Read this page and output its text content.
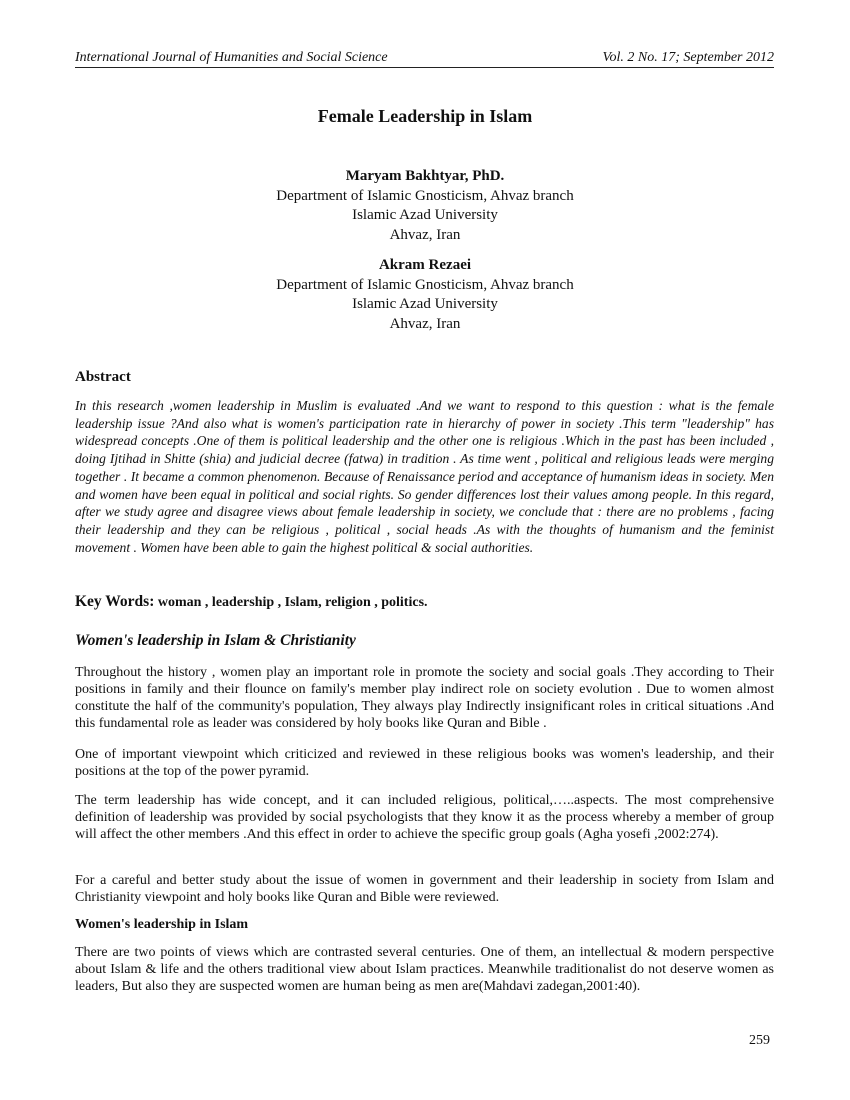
International Journal of Humanities and Social Science	Vol. 2 No. 17; September 2012
Female Leadership in Islam
Maryam Bakhtyar, PhD.
Department of Islamic Gnosticism, Ahvaz branch
Islamic Azad University
Ahvaz, Iran
Akram Rezaei
Department of Islamic Gnosticism, Ahvaz branch
Islamic Azad University
Ahvaz, Iran
Abstract
In this research ,women leadership in Muslim is evaluated .And we want to respond to this question : what is the female leadership issue ?And also what is women's participation rate in hierarchy of power in society .This term "leadership" has widespread concepts .One of them is political leadership and the other one is religious .Which in the past has been included , doing Ijtihad in Shitte (shia) and judicial decree (fatwa) in tradition . As time went , political and religious leads were merging together . It became a common phenomenon. Because of Renaissance period and acceptance of humanism ideas in society. Men and women have been equal in political and social rights. So gender differences lost their values among people. In this regard, after we study agree and disagree views about female leadership in society, we conclude that : there are no problems , facing their leadership and they can be religious , political , social heads .As with the thoughts of humanism and the feminist movement . Women have been able to gain the highest political & social authorities.
Key Words: woman , leadership , Islam, religion , politics.
Women's leadership in Islam & Christianity
Throughout the history , women play an important role in promote the society and social goals .They according to Their positions in family and their flounce on family's member play indirect role on society evolution . Due to women almost constitute the half of the community's population, They always play Indirectly insignificant roles in critical situations .And this fundamental role as leader was considered by holy books like Quran and Bible .
One of important viewpoint which criticized and reviewed in these religious books was women's leadership, and their positions at the top of the power pyramid.
The term leadership has wide concept, and it can included religious, political,…..aspects. The most comprehensive definition of leadership was provided by social psychologists that they know it as the process whereby a member of group will affect the other members .And this effect in order to achieve the specific group goals (Agha yosefi ,2002:274).
For a careful and better study about the issue of women in government and their leadership in society from Islam and Christianity viewpoint and holy books like Quran and Bible were reviewed.
Women's leadership in Islam
There are two points of views which are contrasted several centuries. One of them, an intellectual & modern perspective about Islam & life and the others traditional view about Islam practices. Meanwhile traditionalist do not deserve women as leaders, But also they are suspected women are human being as men are(Mahdavi zadegan,2001:40).
259
